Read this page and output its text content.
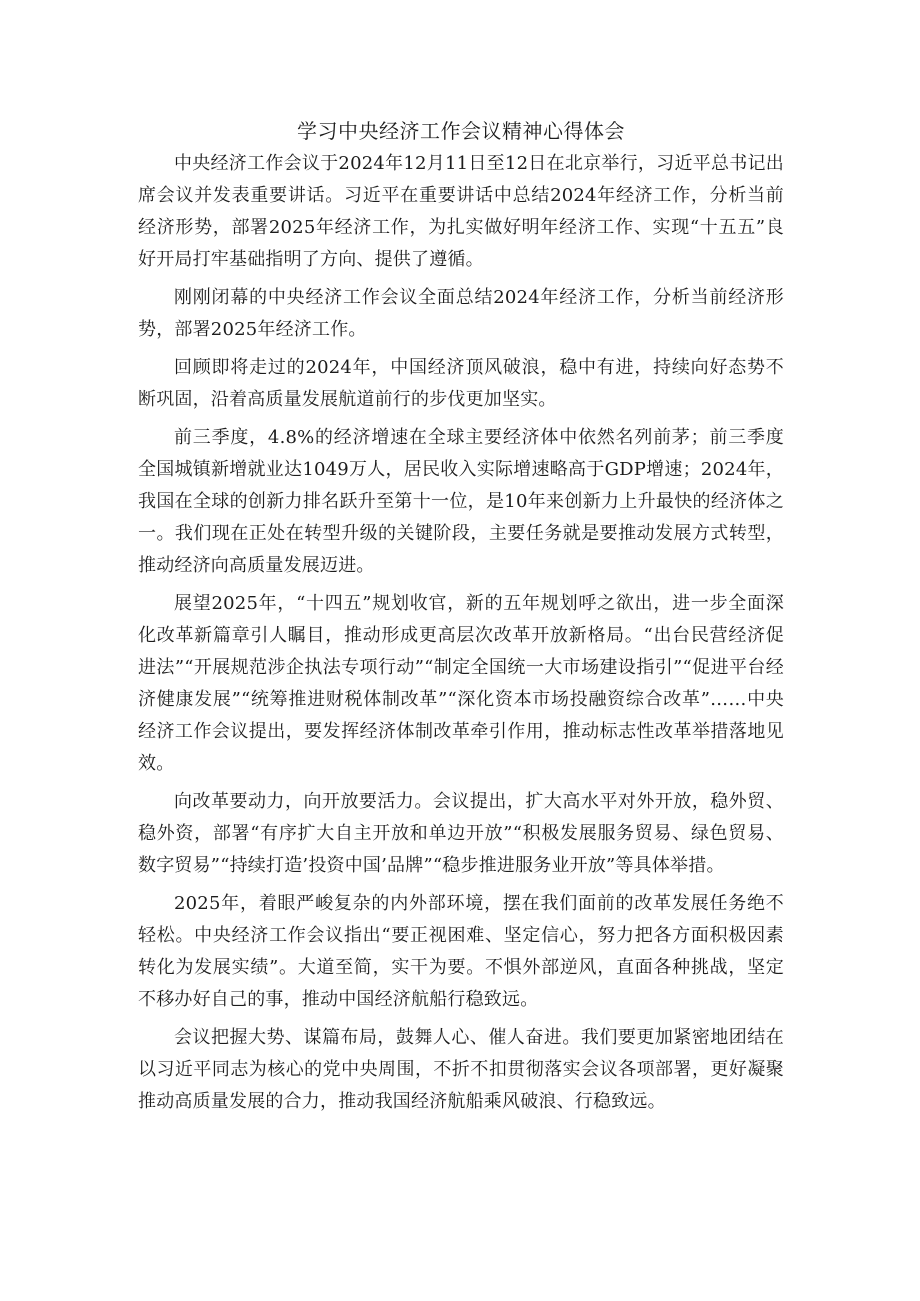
学习中央经济工作会议精神心得体会

中央经济工作会议于2024年12月11日至12日在北京举行，习近平总书记出席会议并发表重要讲话。习近平在重要讲话中总结2024年经济工作，分析当前经济形势，部署2025年经济工作，为扎实做好明年经济工作、实现“十五五”良好开局打牢基础指明了方向、提供了遵循。

刚刚闭幕的中央经济工作会议全面总结2024年经济工作，分析当前经济形势，部署2025年经济工作。

回顾即将走过的2024年，中国经济顶风破浪，稳中有进，持续向好态势不断巩固，沿着高质量发展航道前行的步伐更加坚实。

前三季度，4.8%的经济增速在全球主要经济体中依然名列前茅；前三季度全国城镇新增就业达1049万人，居民收入实际增速略高于GDP增速；2024年，我国在全球的创新力排名跃升至第十一位，是10年来创新力上升最快的经济体之一。我们现在正处在转型升级的关键阶段，主要任务就是要推动发展方式转型，推动经济向高质量发展迈进。

展望2025年，“十四五”规划收官，新的五年规划呼之欲出，进一步全面深化改革新篇章引人瞩目，推动形成更高层次改革开放新格局。“出台民营经济促进法”“开展规范涉企执法专项行动”“制定全国统一大市场建设指引”“促进平台经济健康发展”“统筹推进财税体制改革”“深化资本市场投融资综合改革”……中央经济工作会议提出，要发挥经济体制改革牵引作用，推动标志性改革举措落地见效。

向改革要动力，向开放要活力。会议提出，扩大高水平对外开放，稳外贸、稳外资，部署“有序扩大自主开放和单边开放”“积极发展服务贸易、绿色贸易、数字贸易”“持续打造’投资中国’品牌”“稳步推进服务业开放”等具体举措。

2025年，着眼严峻复杂的内外部环境，摆在我们面前的改革发展任务绝不轻松。中央经济工作会议指出“要正视困难、坚定信心，努力把各方面积极因素转化为发展实绩”。大道至简，实干为要。不惧外部逆风，直面各种挑战，坚定不移办好自己的事，推动中国经济航船行稳致远。

会议把握大势、谋篇布局，鼓舞人心、催人奋进。我们要更加紧密地团结在以习近平同志为核心的党中央周围，不折不扣贯彻落实会议各项部署，更好凝聚推动高质量发展的合力，推动我国经济航船乘风破浪、行稳致远。
